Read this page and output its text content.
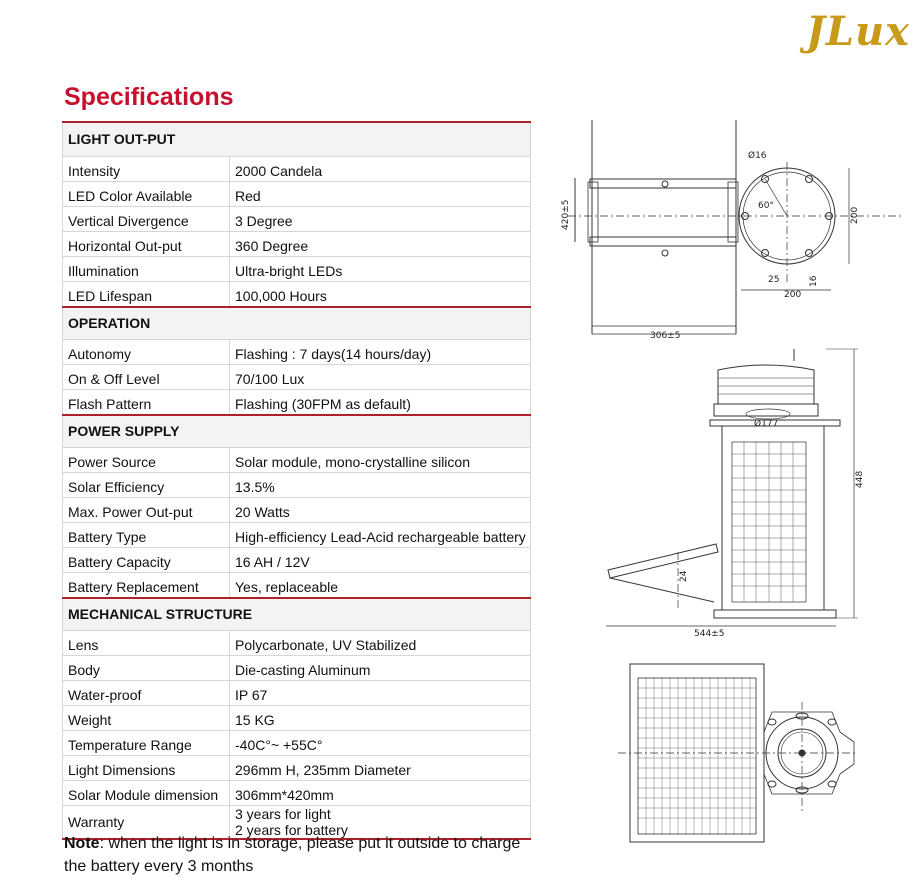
JLux
Specifications
LIGHT OUT-PUT	
Intensity	2000 Candela
LED Color Available	Red
Vertical Divergence	3 Degree
Horizontal Out-put	360 Degree
Illumination	Ultra-bright LEDs
LED Lifespan	100,000 Hours
OPERATION	
Autonomy	Flashing : 7 days(14 hours/day)
On & Off Level	70/100 Lux
Flash Pattern	Flashing (30FPM as default)
POWER SUPPLY	
Power Source	Solar module, mono-crystalline silicon
Solar Efficiency	13.5%
Max. Power Out-put	20 Watts
Battery Type	High-efficiency Lead-Acid rechargeable battery
Battery Capacity	16 AH / 12V
Battery Replacement	Yes, replaceable
MECHANICAL STRUCTURE	
Lens	Polycarbonate, UV Stabilized
Body	Die-casting Aluminum
Water-proof	IP 67
Weight	15 KG
Temperature Range	-40C°~ +55C°
Light Dimensions	296mm H, 235mm Diameter
Solar Module dimension	306mm*420mm
Warranty	3 years for light
2 years for battery
Note: when the light is in storage, please put it outside to charge the battery every 3 months
420±5
306±5
Ø16
60°
200
200
25	16
Ø177
24
448
544±5
